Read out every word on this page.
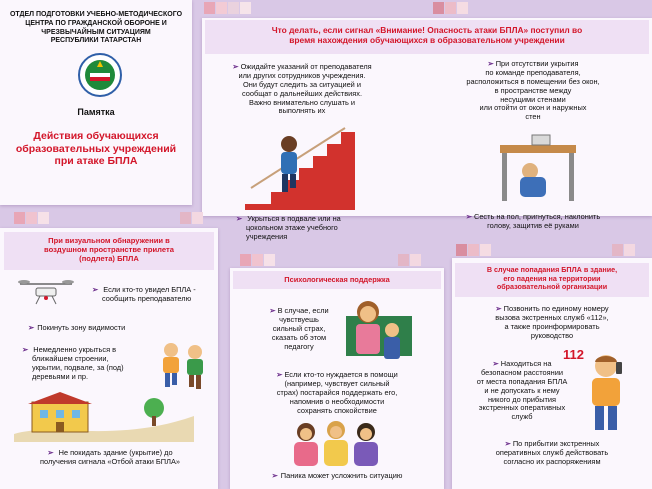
ОТДЕЛ ПОДГОТОВКИ УЧЕБНО-МЕТОДИЧЕСКОГО
ЦЕНТРА ПО ГРАЖДАНСКОЙ ОБОРОНЕ И
ЧРЕЗВЫЧАЙНЫМ СИТУАЦИЯМ
РЕСПУБЛИКИ ТАТАРСТАН
Памятка
Действия обучающихся
образовательных учреждений
при атаке БПЛА
Что делать, если сигнал «Внимание! Опасность атаки БПЛА» поступил во
время нахождения обучающихся в образовательном учреждении
➢ Ожидайте указаний от преподавателя
или других сотрудников учреждения.
Они будут следить за ситуацией и
сообщат о дальнейших действиях.
Важно внимательно слушать и
выполнять их
➢ Укрыться в подвале или на
цокольном этаже учебного
учреждения
➢ При отсутствии укрытия
по команде преподавателя,
расположиться в помещении без окон,
в пространстве между
несущими стенами
или отойти от окон и наружных
стен
➢ Сесть на пол, пригнуться, наклонить
голову, защитив её руками
При визуальном обнаружении в
воздушном пространстве прилета
(подлета) БПЛА
➢ Если кто-то увидел БПЛА -
сообщить преподавателю
➢ Покинуть зону видимости
➢ Немедленно укрыться в
ближайшем строении,
укрытии, подвале, за (под)
деревьями и пр.
➢ Не покидать здание (укрытие) до
получения сигнала «Отбой атаки БПЛА»
Психологическая поддержка
➢ В случае, если
чувствуешь
сильный страх,
сказать об этом
педагогу
➢ Если кто-то нуждается в помощи
(например, чувствует сильный
страх) постарайся поддержать его,
напомнив о необходимости
сохранять спокойствие
➢ Паника может усложнить ситуацию
В случае попадания БПЛА в здание,
его падения на территории
образовательной организации
➢ Позвонить по единому номеру
вызова экстренных служб «112»,
а также проинформировать
руководство
➢ Находиться на
безопасном расстоянии
от места попадания БПЛА
и не допускать к нему
никого до прибытия
экстренных оперативных
служб
112
➢ По прибытии экстренных
оперативных служб действовать
согласно их распоряжениям
